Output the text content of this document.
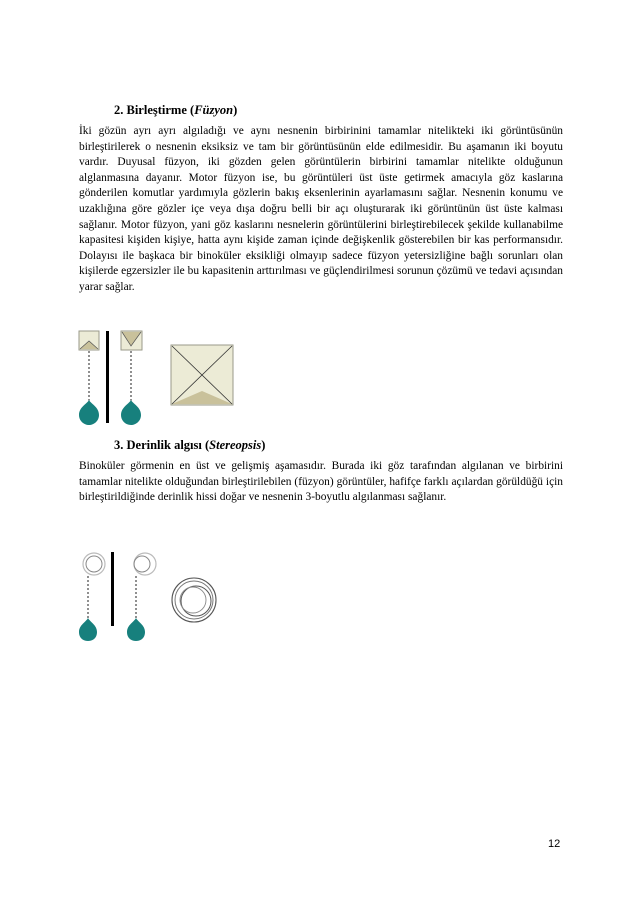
2. Birleştirme (Füzyon)
İki gözün ayrı ayrı algıladığı ve aynı nesnenin birbirinini tamamlar nitelikteki iki görüntüsünün birleştirilerek o nesnenin eksiksiz ve tam bir görüntüsünün elde edilmesidir. Bu aşamanın iki boyutu vardır. Duyusal füzyon, iki gözden gelen görüntülerin birbirini tamamlar nitelikte olduğunun alglanmasına dayanır. Motor füzyon ise, bu görüntüleri üst üste getirmek amacıyla göz kaslarına gönderilen komutlar yardımıyla gözlerin bakış eksenlerinin ayarlamasını sağlar. Nesnenin konumu ve uzaklığına göre gözler içe veya dışa doğru belli bir açı oluşturarak iki görüntünün üst üste kalması sağlanır. Motor füzyon, yani göz kaslarını nesnelerin görüntülerini birleştirebilecek şekilde kullanabilme kapasitesi kişiden kişiye, hatta aynı kişide zaman içinde değişkenlik gösterebilen bir kas performansıdır. Dolayısı ile başkaca bir binoküler eksikliği olmayıp sadece füzyon yetersizliğine bağlı sorunları olan kişilerde egzersizler ile bu kapasitenin arttırılması ve güçlendirilmesi sorunun çözümü ve tedavi açısından yarar sağlar.
3. Derinlik algısı (Stereopsis)
Binoküler görmenin en üst ve gelişmiş aşamasıdır. Burada iki göz tarafından algılanan ve birbirini tamamlar nitelikte olduğundan birleştirilebilen (füzyon) görüntüler, hafifçe farklı açılardan görüldüğü için birleştirildiğinde derinlik hissi doğar ve nesnenin 3-boyutlu algılanması sağlanır.
12
